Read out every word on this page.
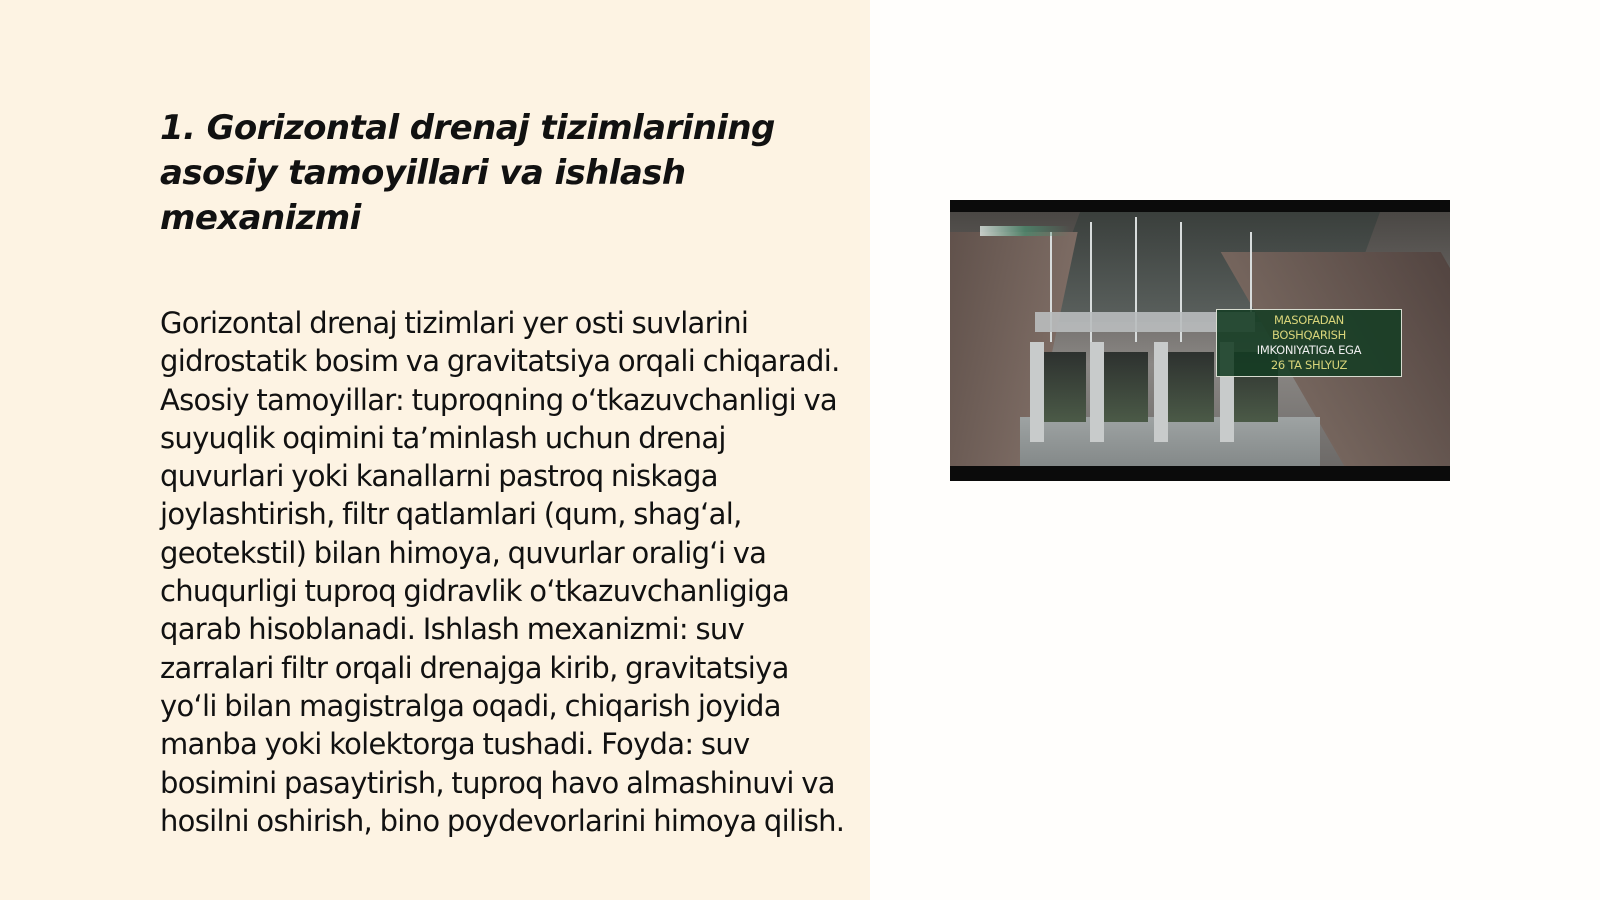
1. Gorizontal drenaj tizimlarining asosiy tamoyillari va ishlash mexanizmi

Gorizontal drenaj tizimlari yer osti suvlarini gidrostatik bosim va gravitatsiya orqali chiqaradi. Asosiy tamoyillar: tuproqning o‘tkazuvchanligi va suyuqlik oqimini ta’minlash uchun drenaj quvurlari yoki kanallarni pastroq niskaga joylashtirish, filtr qatlamlari (qum, shag‘al, geotekstil) bilan himoya, quvurlar oralig‘i va chuqurligi tuproq gidravlik o‘tkazuvchanligiga qarab hisoblanadi. Ishlash mexanizmi: suv zarralari filtr orqali drenajga kirib, gravitatsiya yo‘li bilan magistralga oqadi, chiqarish joyida manba yoki kolektorga tushadi. Foyda: suv bosimini pasaytirish, tuproq havo almashinuvi va hosilni oshirish, bino poydevorlarini himoya qilish.

MASOFADAN
BOSHQARISH
IMKONIYATIGA EGA
26 TA SHLYUZ
